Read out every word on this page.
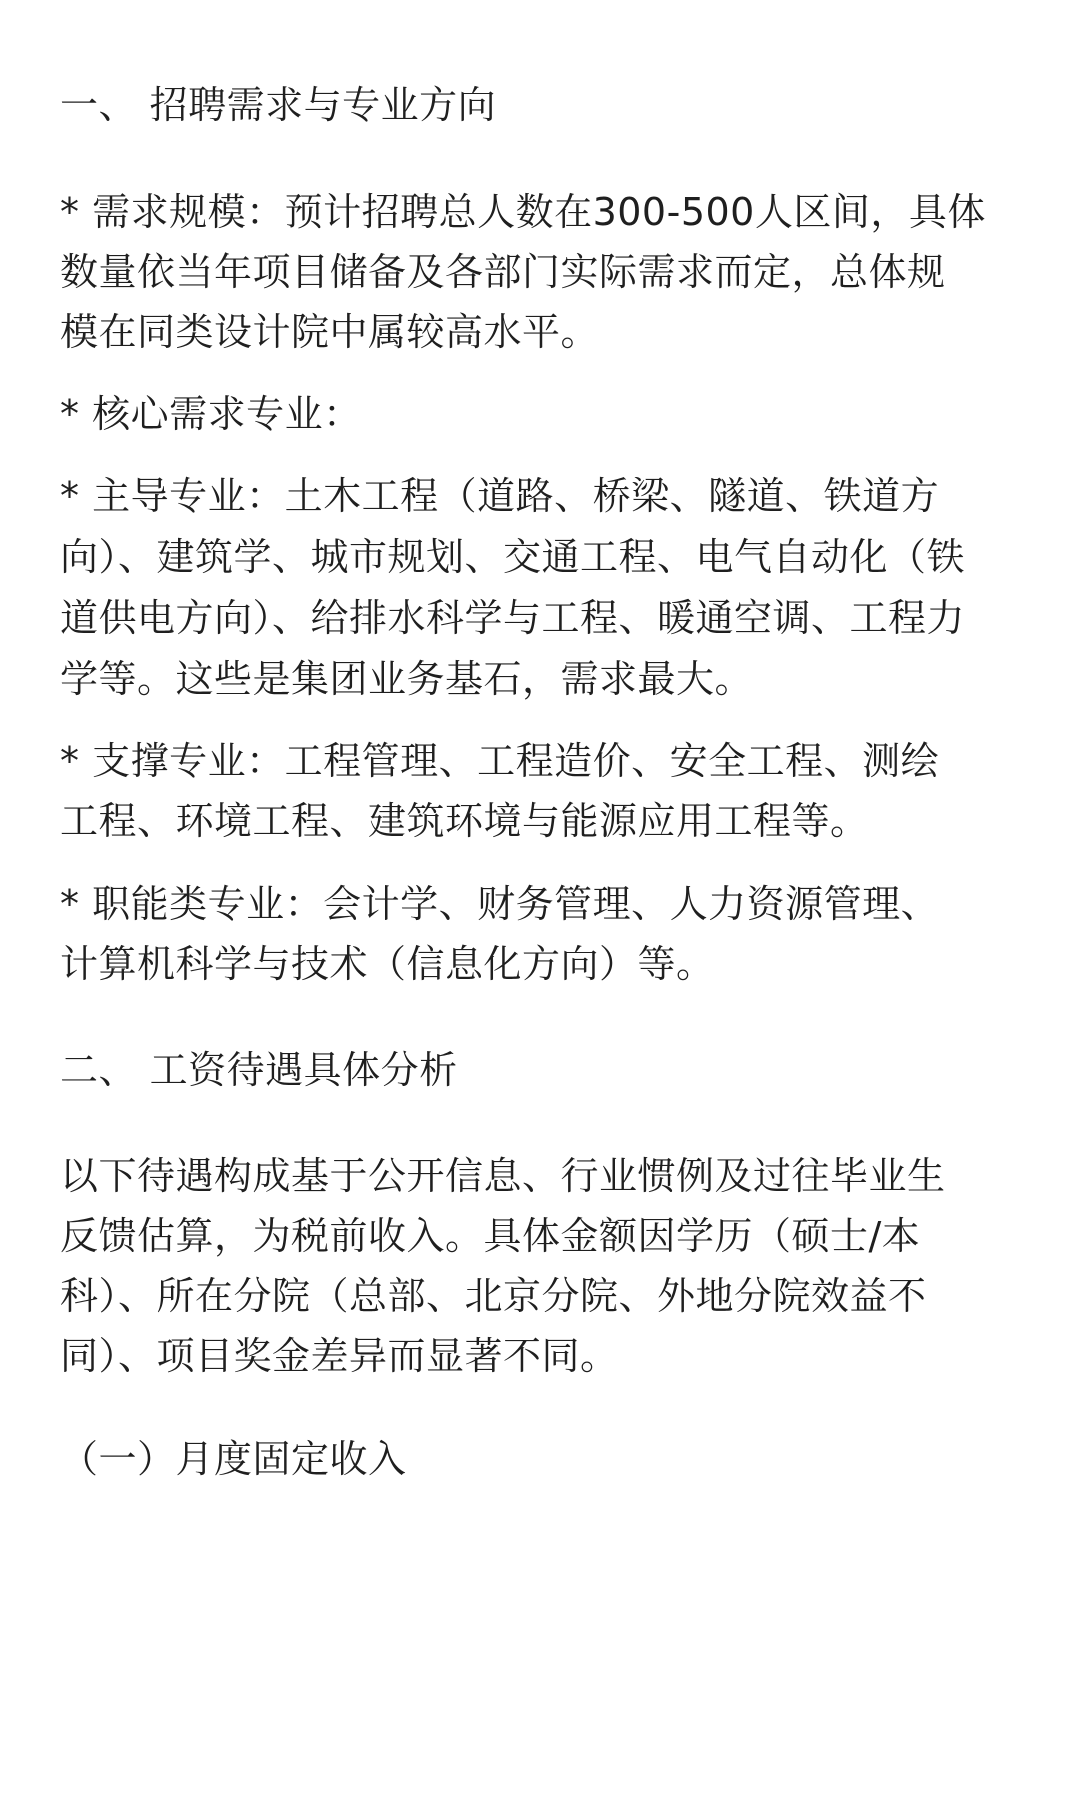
一、 招聘需求与专业方向
* 需求规模：预计招聘总人数在300-500人区间，具体
数量依当年项目储备及各部门实际需求而定，总体规
模在同类设计院中属较高水平。
* 核心需求专业：
* 主导专业：土木工程（道路、桥梁、隧道、铁道方
向）、建筑学、城市规划、交通工程、电气自动化（铁
道供电方向）、给排水科学与工程、暖通空调、工程力
学等。这些是集团业务基石，需求最大。
* 支撑专业：工程管理、工程造价、安全工程、测绘
工程、环境工程、建筑环境与能源应用工程等。
* 职能类专业：会计学、财务管理、人力资源管理、
计算机科学与技术（信息化方向）等。
二、 工资待遇具体分析
以下待遇构成基于公开信息、行业惯例及过往毕业生
反馈估算，为税前收入。具体金额因学历（硕士/本
科）、所在分院（总部、北京分院、外地分院效益不
同）、项目奖金差异而显著不同。
（一）月度固定收入
